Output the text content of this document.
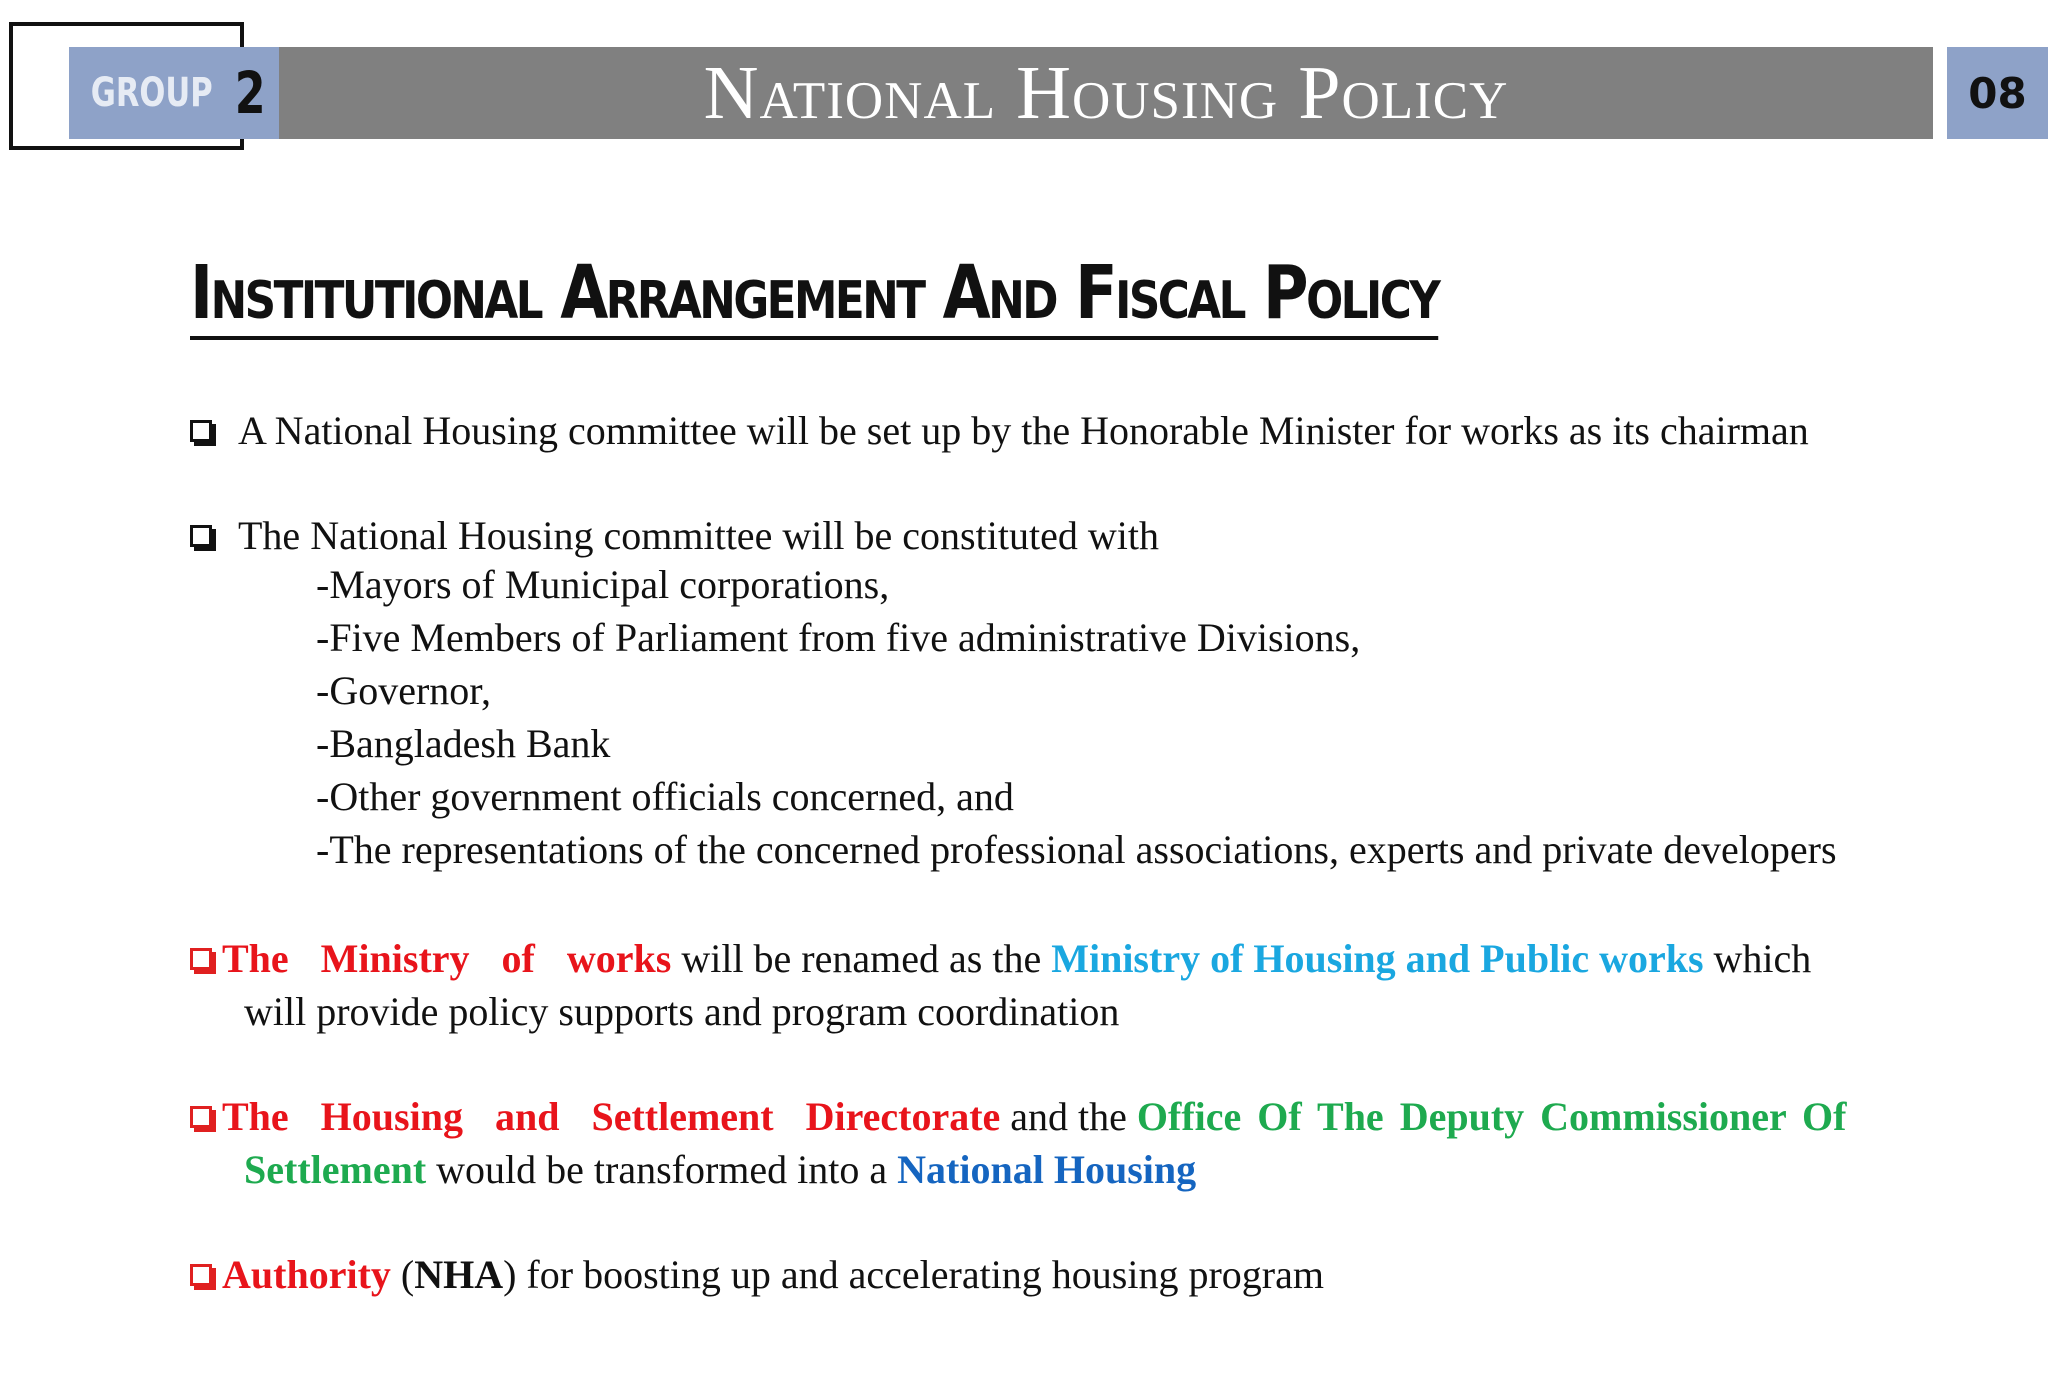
GROUP 2	National Housing Policy	08
Institutional Arrangement And Fiscal Policy
A National Housing committee will be set up by the Honorable Minister for works as its chairman
The National Housing committee will be constituted with
-Mayors of Municipal corporations,
-Five Members of Parliament from five administrative Divisions,
-Governor,
-Bangladesh Bank
-Other government officials concerned, and
-The representations of the concerned professional associations, experts and private developers
The Ministry of works will be renamed as the Ministry of Housing and Public works which
will provide policy supports and program coordination
The Housing and Settlement Directorate and the Office Of The Deputy Commissioner Of
Settlement would be transformed into a National Housing
Authority (NHA) for boosting up and accelerating housing program
